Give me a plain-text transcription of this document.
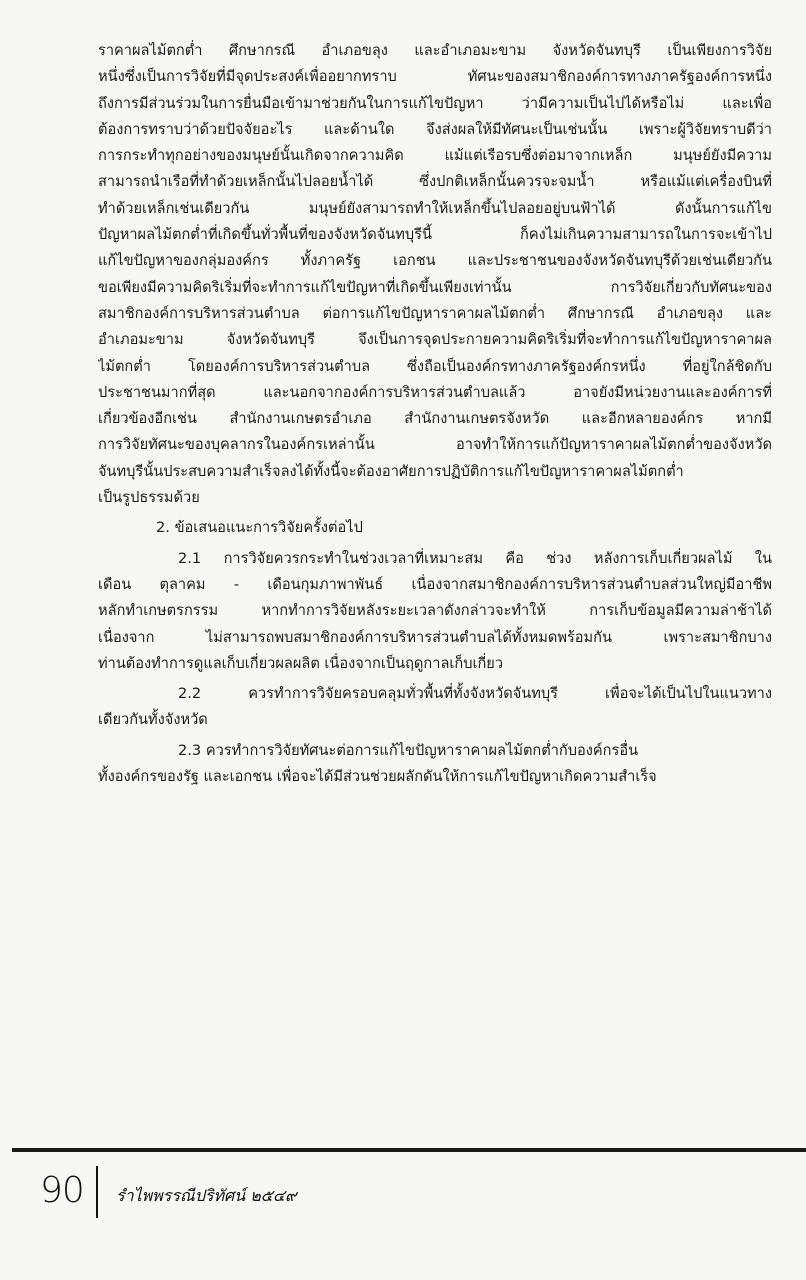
ราคาผลไม้ตกต่ำ ศึกษากรณี อำเภอขลุง และอำเภอมะขาม จังหวัดจันทบุรี เป็นเพียงการวิจัย
หนึ่งซึ่งเป็นการวิจัยที่มีจุดประสงค์เพื่ออยากทราบ ทัศนะของสมาชิกองค์การทางภาครัฐองค์การหนึ่ง
ถึงการมีส่วนร่วมในการยื่นมือเข้ามาช่วยกันในการแก้ไขปัญหา ว่ามีความเป็นไปได้หรือไม่ และเพื่อ
ต้องการทราบว่าด้วยปัจจัยอะไร และด้านใด จึงส่งผลให้มีทัศนะเป็นเช่นนั้น เพราะผู้วิจัยทราบดีว่า
การกระทำทุกอย่างของมนุษย์นั้นเกิดจากความคิด แม้แต่เรือรบซึ่งต่อมาจากเหล็ก มนุษย์ยังมีความ
สามารถนำเรือที่ทำด้วยเหล็กนั้นไปลอยน้ำได้ ซึ่งปกติเหล็กนั้นควรจะจมน้ำ หรือแม้แต่เครื่องบินที่
ทำด้วยเหล็กเช่นเดียวกัน มนุษย์ยังสามารถทำให้เหล็กขึ้นไปลอยอยู่บนฟ้าได้ ดังนั้นการแก้ไข
ปัญหาผลไม้ตกต่ำที่เกิดขึ้นทั่วพื้นที่ของจังหวัดจันทบุรีนี้ ก็คงไม่เกินความสามารถในการจะเข้าไป
แก้ไขปัญหาของกลุ่มองค์กร ทั้งภาครัฐ เอกชน และประชาชนของจังหวัดจันทบุรีด้วยเช่นเดียวกัน
ขอเพียงมีความคิดริเริ่มที่จะทำการแก้ไขปัญหาที่เกิดขึ้นเพียงเท่านั้น การวิจัยเกี่ยวกับทัศนะของ
สมาชิกองค์การบริหารส่วนตำบล ต่อการแก้ไขปัญหาราคาผลไม้ตกต่ำ ศึกษากรณี อำเภอขลุง และ
อำเภอมะขาม จังหวัดจันทบุรี จึงเป็นการจุดประกายความคิดริเริ่มที่จะทำการแก้ไขปัญหาราคาผล
ไม้ตกต่ำ โดยองค์การบริหารส่วนตำบล ซึ่งถือเป็นองค์กรทางภาครัฐองค์กรหนึ่ง ที่อยู่ใกล้ชิดกับ
ประชาชนมากที่สุด และนอกจากองค์การบริหารส่วนตำบลแล้ว อาจยังมีหน่วยงานและองค์การที่
เกี่ยวข้องอีกเช่น สำนักงานเกษตรอำเภอ สำนักงานเกษตรจังหวัด และอีกหลายองค์กร หากมี
การวิจัยทัศนะของบุคลากรในองค์กรเหล่านั้น อาจทำให้การแก้ปัญหาราคาผลไม้ตกต่ำของจังหวัด
จันทบุรีนั้นประสบความสำเร็จลงได้ทั้งนี้จะต้องอาศัยการปฏิบัติการแก้ไขปัญหาราคาผลไม้ตกต่ำ
เป็นรูปธรรมด้วย

2. ข้อเสนอแนะการวิจัยครั้งต่อไป

2.1 การวิจัยควรกระทำในช่วงเวลาที่เหมาะสม คือ ช่วง หลังการเก็บเกี่ยวผลไม้ ใน
เดือน ตุลาคม - เดือนกุมภาพาพันธ์ เนื่องจากสมาชิกองค์การบริหารส่วนตำบลส่วนใหญ่มีอาชีพ
หลักทำเกษตรกรรม หากทำการวิจัยหลังระยะเวลาดังกล่าวจะทำให้ การเก็บข้อมูลมีความล่าช้าได้
เนื่องจาก ไม่สามารถพบสมาชิกองค์การบริหารส่วนตำบลได้ทั้งหมดพร้อมกัน เพราะสมาชิกบาง
ท่านต้องทำการดูแลเก็บเกี่ยวผลผลิต เนื่องจากเป็นฤดูกาลเก็บเกี่ยว
2.2 ควรทำการวิจัยครอบคลุมทั่วพื้นที่ทั้งจังหวัดจันทบุรี เพื่อจะได้เป็นไปในแนวทาง
เดียวกันทั้งจังหวัด
2.3 ควรทำการวิจัยทัศนะต่อการแก้ไขปัญหาราคาผลไม้ตกต่ำกับองค์กรอื่น
ทั้งองค์กรของรัฐ และเอกชน เพื่อจะได้มีส่วนช่วยผลักดันให้การแก้ไขปัญหาเกิดความสำเร็จ
90 รำไพพรรณีปริทัศน์ ๒๕๔๙
